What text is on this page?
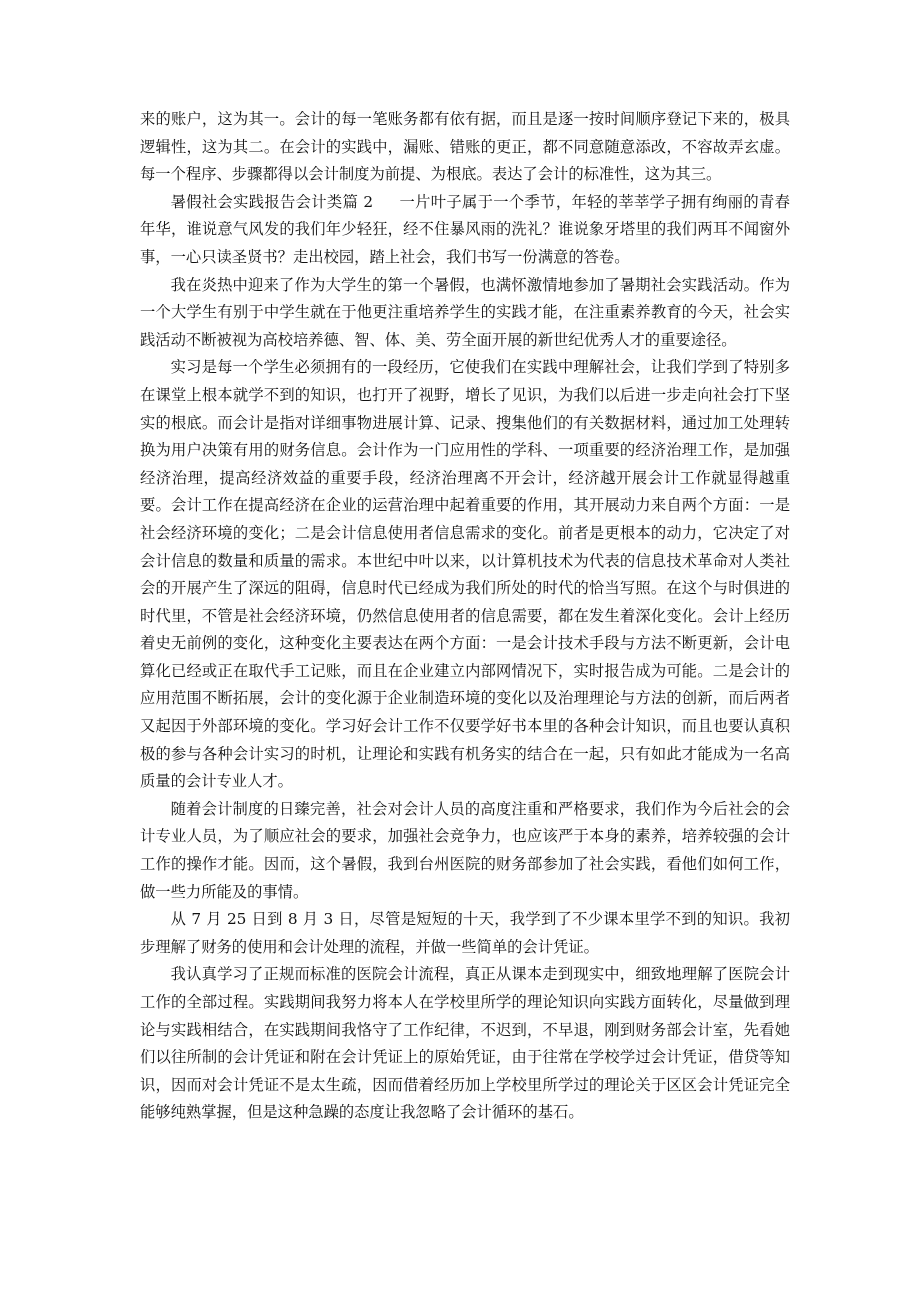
来的账户，这为其一。会计的每一笔账务都有依有据，而且是逐一按时间顺序登记下来的，极具逻辑性，这为其二。在会计的实践中，漏账、错账的更正，都不同意随意添改，不容故弄玄虚。每一个程序、步骤都得以会计制度为前提、为根底。表达了会计的标准性，这为其三。

暑假社会实践报告会计类篇 2 一片叶子属于一个季节，年轻的莘莘学子拥有绚丽的青春年华，谁说意气风发的我们年少轻狂，经不住暴风雨的洗礼？谁说象牙塔里的我们两耳不闻窗外事，一心只读圣贤书？走出校园，踏上社会，我们书写一份满意的答卷。

我在炎热中迎来了作为大学生的第一个暑假，也满怀激情地参加了暑期社会实践活动。作为一个大学生有别于中学生就在于他更注重培养学生的实践才能，在注重素养教育的今天，社会实践活动不断被视为高校培养德、智、体、美、劳全面开展的新世纪优秀人才的重要途径。

实习是每一个学生必须拥有的一段经历，它使我们在实践中理解社会，让我们学到了特别多在课堂上根本就学不到的知识，也打开了视野，增长了见识，为我们以后进一步走向社会打下坚实的根底。而会计是指对详细事物进展计算、记录、搜集他们的有关数据材料，通过加工处理转换为用户决策有用的财务信息。会计作为一门应用性的学科、一项重要的经济治理工作，是加强经济治理，提高经济效益的重要手段，经济治理离不开会计，经济越开展会计工作就显得越重要。会计工作在提高经济在企业的运营治理中起着重要的作用，其开展动力来自两个方面：一是社会经济环境的变化；二是会计信息使用者信息需求的变化。前者是更根本的动力，它决定了对会计信息的数量和质量的需求。本世纪中叶以来，以计算机技术为代表的信息技术革命对人类社会的开展产生了深远的阻碍，信息时代已经成为我们所处的时代的恰当写照。在这个与时俱进的时代里，不管是社会经济环境，仍然信息使用者的信息需要，都在发生着深化变化。会计上经历着史无前例的变化，这种变化主要表达在两个方面：一是会计技术手段与方法不断更新，会计电算化已经或正在取代手工记账，而且在企业建立内部网情况下，实时报告成为可能。二是会计的应用范围不断拓展，会计的变化源于企业制造环境的变化以及治理理论与方法的创新，而后两者又起因于外部环境的变化。学习好会计工作不仅要学好书本里的各种会计知识，而且也要认真积极的参与各种会计实习的时机，让理论和实践有机务实的结合在一起，只有如此才能成为一名高质量的会计专业人才。

随着会计制度的日臻完善，社会对会计人员的高度注重和严格要求，我们作为今后社会的会计专业人员，为了顺应社会的要求，加强社会竞争力，也应该严于本身的素养，培养较强的会计工作的操作才能。因而，这个暑假，我到台州医院的财务部参加了社会实践，看他们如何工作，做一些力所能及的事情。

从 7 月 25 日到 8 月 3 日，尽管是短短的十天，我学到了不少课本里学不到的知识。我初步理解了财务的使用和会计处理的流程，并做一些简单的会计凭证。

我认真学习了正规而标准的医院会计流程，真正从课本走到现实中，细致地理解了医院会计工作的全部过程。实践期间我努力将本人在学校里所学的理论知识向实践方面转化，尽量做到理论与实践相结合，在实践期间我恪守了工作纪律，不迟到，不早退，刚到财务部会计室，先看她们以往所制的会计凭证和附在会计凭证上的原始凭证，由于往常在学校学过会计凭证，借贷等知识，因而对会计凭证不是太生疏，因而借着经历加上学校里所学过的理论关于区区会计凭证完全能够纯熟掌握，但是这种急躁的态度让我忽略了会计循环的基石。
